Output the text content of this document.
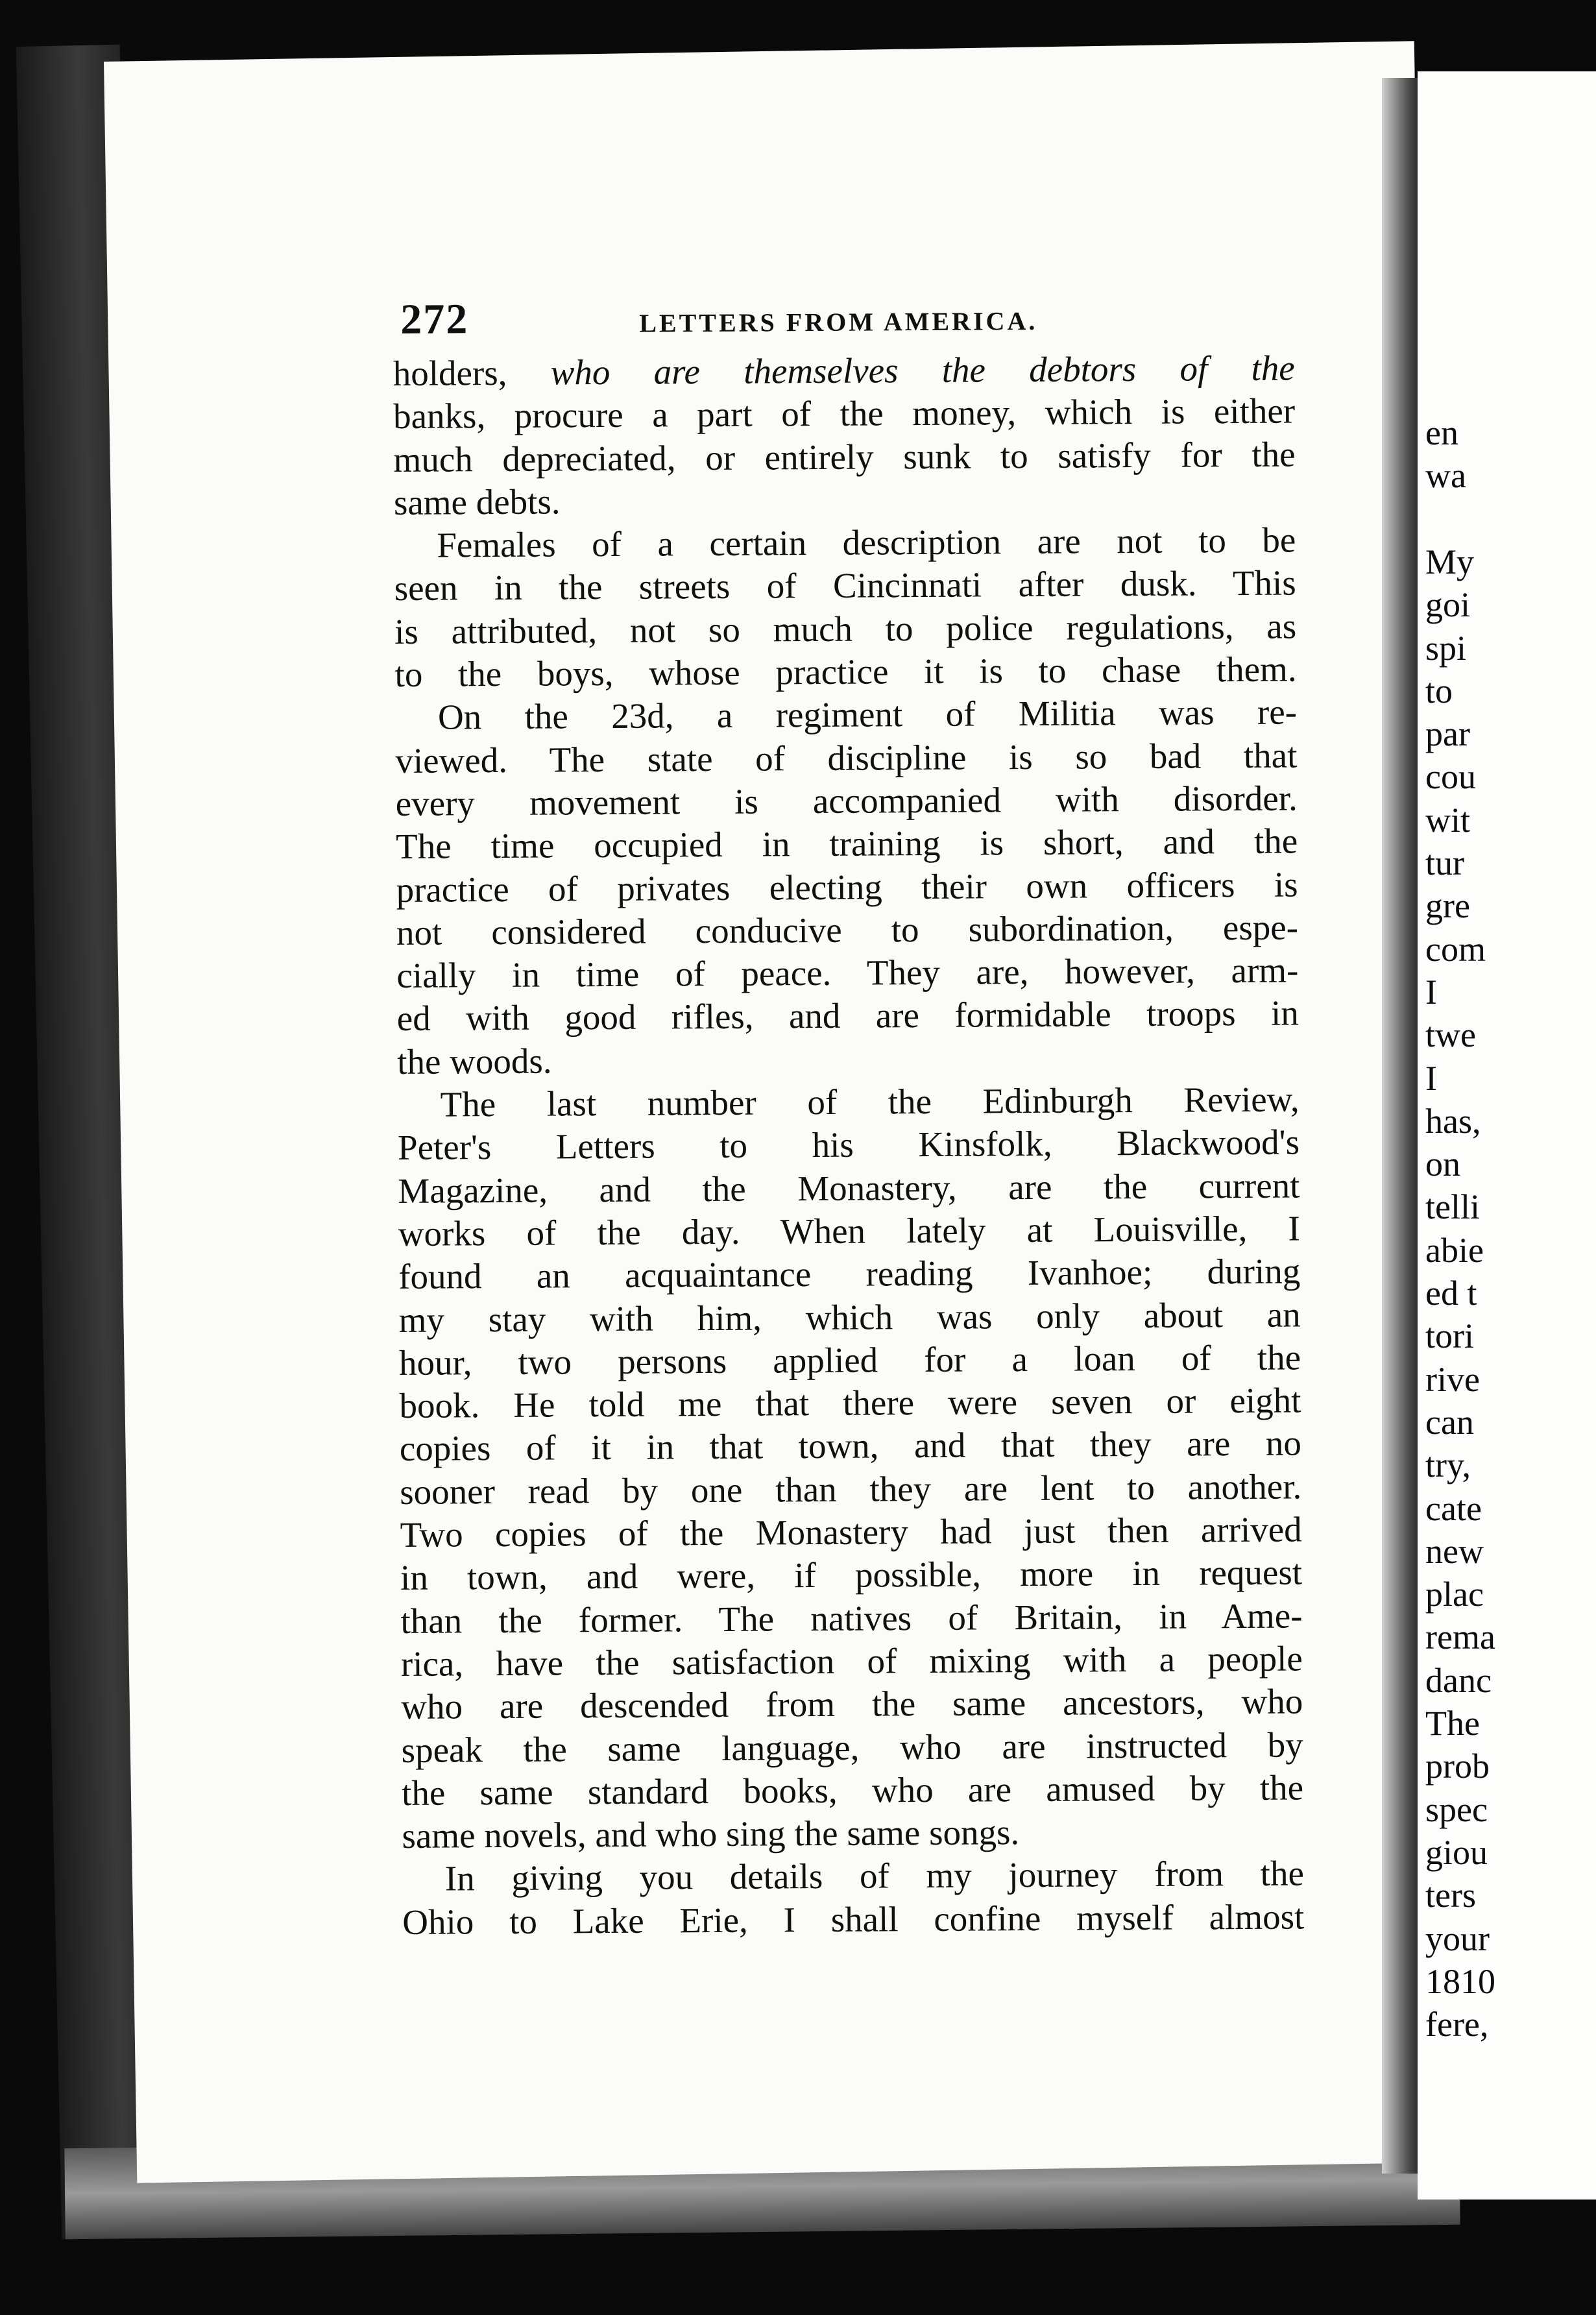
en
wa
My
goi
spi
to
par
cou
wit
tur
gre
com
I
twe
I
has,
on
telli
abie
ed t
tori
rive
can
try,
cate
new
plac
rema
danc
The
prob
spec
giou
ters
your
1810
fere,
272	LETTERS FROM AMERICA.
holders, who are themselves the debtors of the
banks, procure a part of the money, which is either
much depreciated, or entirely sunk to satisfy for the
same debts.
Females of a certain description are not to be
seen in the streets of Cincinnati after dusk. This
is attributed, not so much to police regulations, as
to the boys, whose practice it is to chase them.
On the 23d, a regiment of Militia was re-
viewed. The state of discipline is so bad that
every movement is accompanied with disorder.
The time occupied in training is short, and the
practice of privates electing their own officers is
not considered conducive to subordination, espe-
cially in time of peace. They are, however, arm-
ed with good rifles, and are formidable troops in
the woods.
The last number of the Edinburgh Review,
Peter's Letters to his Kinsfolk, Blackwood's
Magazine, and the Monastery, are the current
works of the day. When lately at Louisville, I
found an acquaintance reading Ivanhoe; during
my stay with him, which was only about an
hour, two persons applied for a loan of the
book. He told me that there were seven or eight
copies of it in that town, and that they are no
sooner read by one than they are lent to another.
Two copies of the Monastery had just then arrived
in town, and were, if possible, more in request
than the former. The natives of Britain, in Ame-
rica, have the satisfaction of mixing with a people
who are descended from the same ancestors, who
speak the same language, who are instructed by
the same standard books, who are amused by the
same novels, and who sing the same songs.
In giving you details of my journey from the
Ohio to Lake Erie, I shall confine myself almost
